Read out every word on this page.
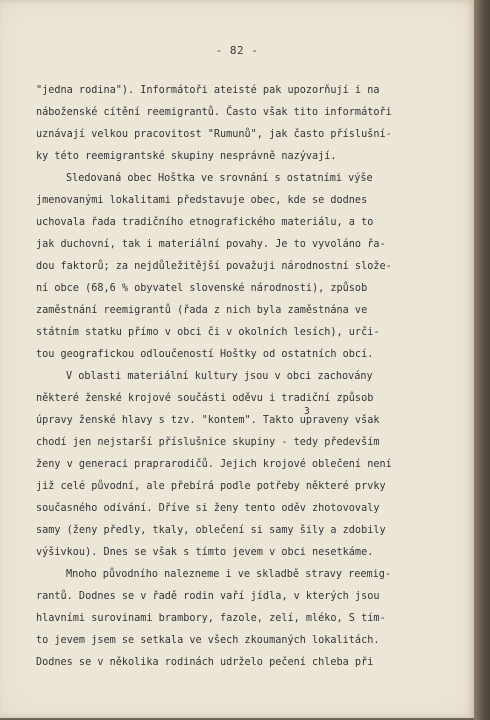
- 82 -
"jedna rodina"). Informátoři ateisté pak upozorňují i na
náboženské cítění reemigrantů. Často však tito informátoři
uznávají velkou pracovitost "Rumunů", jak často příslušní-
ky této reemigrantské skupiny nesprávně nazývají.
Sledovaná obec Hoštka ve srovnání s ostatními výše
jmenovanými lokalitami představuje obec, kde se dodnes
uchovala řada tradičního etnografického materiálu, a to
jak duchovní, tak i materiální povahy. Je to vyvoláno řa-
dou faktorů; za nejdůležitější považuji národnostní slože-
ní obce (68,6 % obyvatel slovenské národnosti), způsob
zaměstnání reemigrantů (řada z nich byla zaměstnána ve
státním statku přímo v obci či v okolních lesích), urči-
tou geografickou odloučeností Hoštky od ostatních obcí.
V oblasti materiální kultury jsou v obci zachovány
některé ženské krojové součásti oděvu i tradiční způsob
3
úpravy ženské hlavy s tzv. "kontem". Takto upraveny však
chodí jen nejstarší příslušnice skupiny - tedy především
ženy v generaci praprarodičů. Jejich krojové oblečení není
již celé původní, ale přebírá podle potřeby některé prvky
současného odívání. Dříve si ženy tento oděv zhotovovaly
samy (ženy předly, tkaly, oblečení si samy šily a zdobily
výšivkou). Dnes se však s tímto jevem v obci nesetkáme.
Mnoho původního nalezneme i ve skladbě stravy reemig-
rantů. Dodnes se v řadě rodin vaří jídla, v kterých jsou
hlavními surovinami brambory, fazole, zelí, mléko, S tím-
to jevem jsem se setkala ve všech zkoumaných lokalitách.
Dodnes se v několika rodinách udrželo pečení chleba při
